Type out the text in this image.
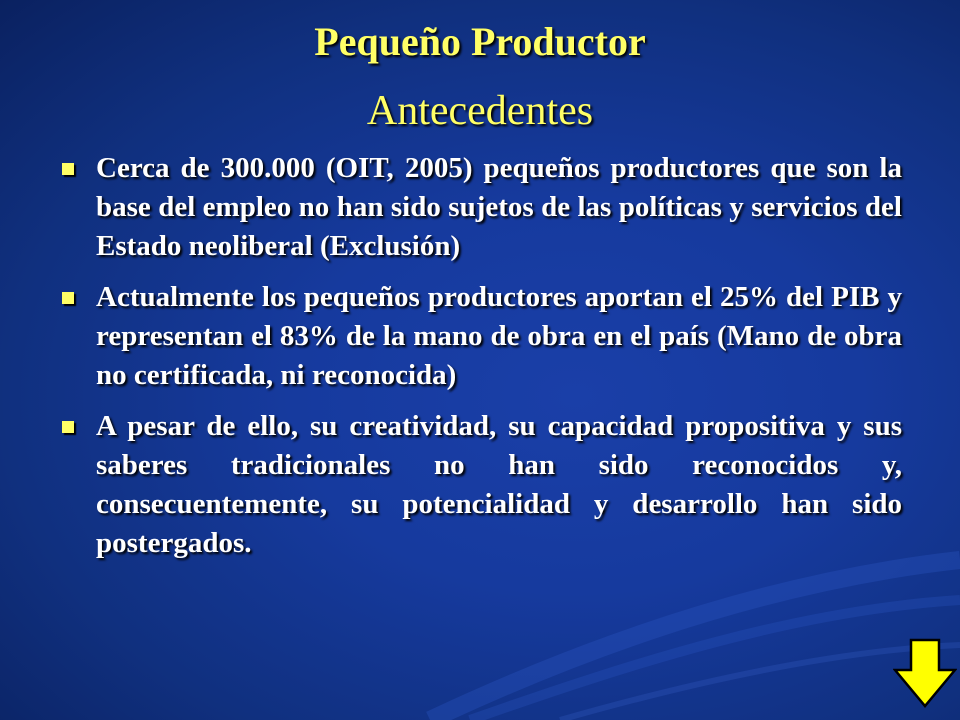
Pequeño Productor
Antecedentes
Cerca de 300.000 (OIT, 2005) pequeños productores que son la base del empleo no han sido sujetos de las políticas y servicios del Estado neoliberal (Exclusión)
Actualmente los pequeños productores aportan el 25% del PIB y representan el 83% de la mano de obra en el país (Mano de obra no certificada, ni reconocida)
A pesar de ello, su creatividad, su capacidad propositiva y sus saberes tradicionales no han sido reconocidos y, consecuentemente, su potencialidad y desarrollo han sido postergados.
